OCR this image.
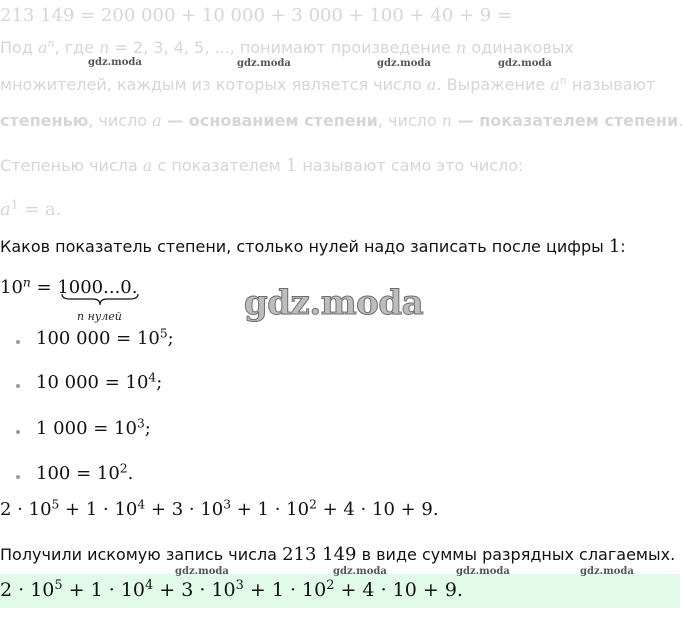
213 149 = 200 000 + 10 000 + 3 000 + 100 + 40 + 9 =
Под $a^n$, где n = 2, 3, 4, 5, ..., понимают произведение n одинаковых
множителей, каждым из которых является число a. Выражение $a^n$ называют
степенью, число a — основанием степени, число n — показателем степени.
Степенью числа a с показателем 1 называют само это число:
$a^1 = a$.
gdz.moda	gdz.moda	gdz.moda	gdz.moda
Каков показатель степени, столько нулей надо записать после цифры 1:
$10^n = 1000...0$.
n нулей	gdz.moda
100 $000 = 10^5$;
10 $000 = 10^4$;
1 $000 = 10^3$;
$100 = 10^2$.
$2 \cdot 10^5 + 1 \cdot 10^4 + 3 \cdot 10^3 + 1 \cdot 10^2 + 4 \cdot 10 + 9$.
Получили искомую запись числа 213 149 в виде суммы разрядных слагаемых.
gdz.moda	gdz.moda	gdz.moda	gdz.moda
$2 \cdot 10^5 + 1 \cdot 10^4 + 3 \cdot 10^3 + 1 \cdot 10^2 + 4 \cdot 10 + 9$.
